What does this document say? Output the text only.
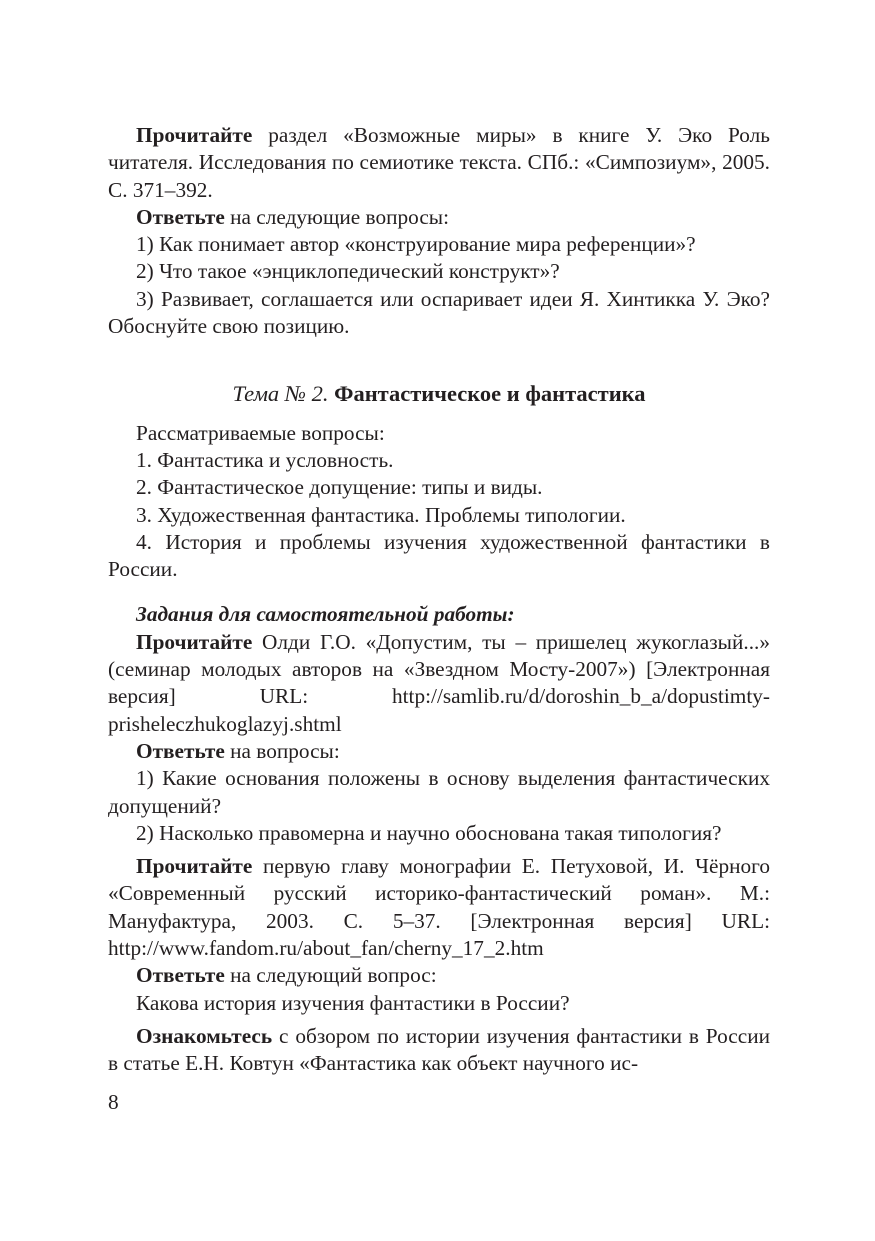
Прочитайте раздел «Возможные миры» в книге У. Эко Роль читателя. Исследования по семиотике текста. СПб.: «Симпозиум», 2005. С. 371–392.

Ответьте на следующие вопросы:

1) Как понимает автор «конструирование мира референции»?

2) Что такое «энциклопедический конструкт»?

3) Развивает, соглашается или оспаривает идеи Я. Хинтикка У. Эко? Обоснуйте свою позицию.

Тема № 2. Фантастическое и фантастика

Рассматриваемые вопросы:

1. Фантастика и условность.

2. Фантастическое допущение: типы и виды.

3. Художественная фантастика. Проблемы типологии.

4. История и проблемы изучения художественной фантастики в России.

Задания для самостоятельной работы:

Прочитайте Олди Г.О. «Допустим, ты – пришелец жукоглазый...» (семинар молодых авторов на «Звездном Мосту-2007») [Электронная версия] URL: http://samlib.ru/d/doroshin_b_a/dopustimty-prisheleczhukoglazyj.shtml

Ответьте на вопросы:

1) Какие основания положены в основу выделения фантастических допущений?

2) Насколько правомерна и научно обоснована такая типология?

Прочитайте первую главу монографии Е. Петуховой, И. Чёрного «Современный русский историко-фантастический роман». М.: Мануфактура, 2003. С. 5–37. [Электронная версия] URL: http://www.fandom.ru/about_fan/cherny_17_2.htm

Ответьте на следующий вопрос:

Какова история изучения фантастики в России?

Ознакомьтесь с обзором по истории изучения фантастики в России в статье Е.Н. Ковтун «Фантастика как объект научного ис-

8
